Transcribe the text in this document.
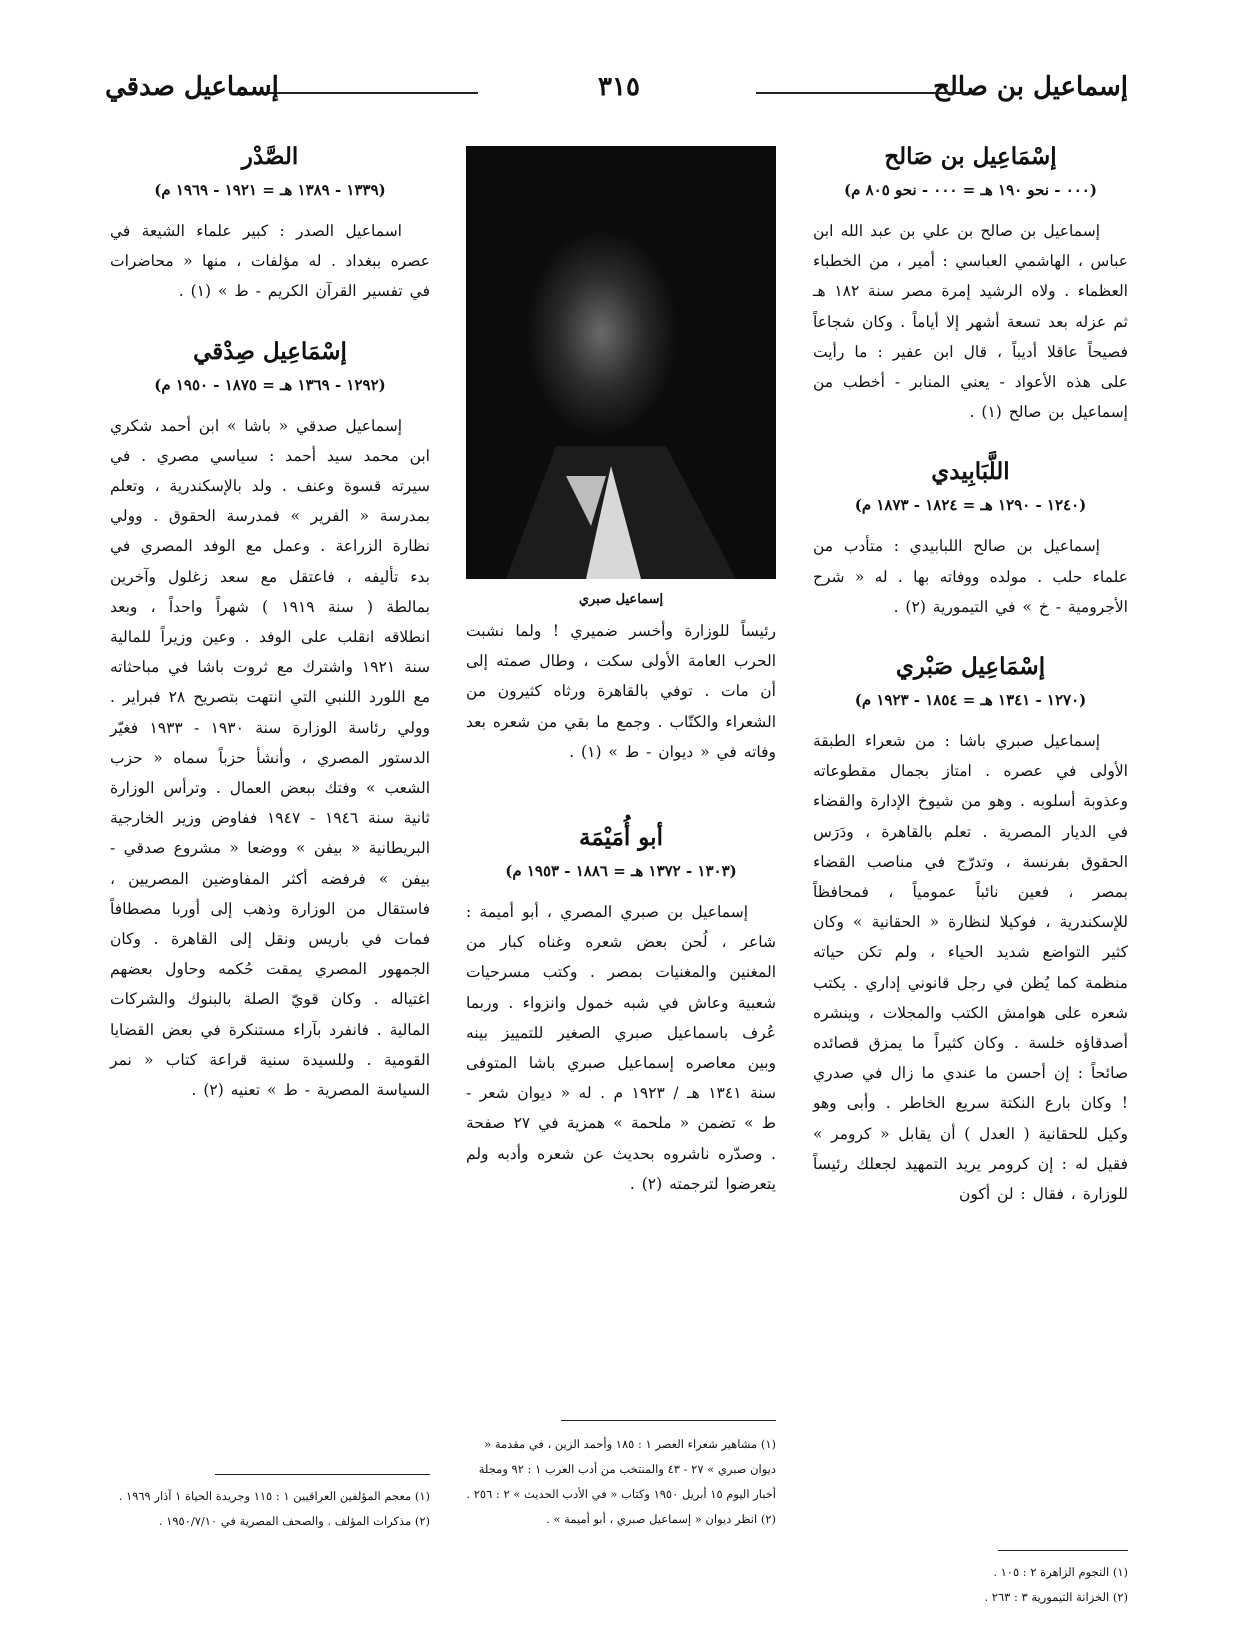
إسماعيل بن صالح
٣١٥
إسماعيل صدقي
إسْمَاعِيل بن صَالح
(٠٠٠ - نحو ١٩٠ هـ = ٠٠٠ - نحو ٨٠٥ م)

إسماعيل بن صالح بن علي بن عبد الله ابن عباس ، الهاشمي العباسي : أمير ، من الخطباء العظماء . ولاه الرشيد إمرة مصر سنة ١٨٢ هـ ثم عزله بعد تسعة أشهر إلا أياماً . وكان شجاعاً فصيحاً عاقلا أديباً ، قال ابن عفير : ما رأيت على هذه الأعواد - يعني المنابر - أخطب من إسماعيل بن صالح (١) .

اللَّبَابِيدي
(١٢٤٠ - ١٢٩٠ هـ = ١٨٢٤ - ١٨٧٣ م)

إسماعيل بن صالح اللبابيدي : متأدب من علماء حلب . مولده ووفاته بها . له « شرح الأجرومية - خ » في التيمورية (٢) .

إسْمَاعِيل صَبْري
(١٢٧٠ - ١٣٤١ هـ = ١٨٥٤ - ١٩٢٣ م)

إسماعيل صبري باشا : من شعراء الطبقة الأولى في عصره . امتاز بجمال مقطوعاته وعذوبة أسلوبه . وهو من شيوخ الإدارة والقضاء في الديار المصرية . تعلم بالقاهرة ، ودَرَس الحقوق بفرنسة ، وتدرّج في مناصب القضاء بمصر ، فعين نائباً عمومياً ، فمحافظاً للإسكندرية ، فوكيلا لنظارة « الحقانية » وكان كثير التواضع شديد الحياء ، ولم تكن حياته منظمة كما يُظن في رجل قانوني إداري . يكتب شعره على هوامش الكتب والمجلات ، وينشره أصدقاؤه خلسة . وكان كثيراً ما يمزق قصائده صائحاً : إن أحسن ما عندي ما زال في صدري ! وكان بارع النكتة سريع الخاطر . وأبى وهو وكيل للحقانية ( العدل ) أن يقابل « كرومر » فقيل له : إن كرومر يريد التمهيد لجعلك رئيساً للوزارة ، فقال : لن أكون

إسماعيل صبري

رئيساً للوزارة وأخسر ضميري ! ولما نشبت الحرب العامة الأولى سكت ، وطال صمته إلى أن مات . توفي بالقاهرة ورثاه كثيرون من الشعراء والكتّاب . وجمع ما بقي من شعره بعد وفاته في « ديوان - ط » (١) .

أبو أُمَيْمَة
(١٣٠٣ - ١٣٧٢ هـ = ١٨٨٦ - ١٩٥٣ م)

إسماعيل بن صبري المصري ، أبو أميمة : شاعر ، لُحن بعض شعره وغناه كبار من المغنين والمغنيات بمصر . وكتب مسرحيات شعبية وعاش في شبه خمول وانزواء . وربما عُرف باسماعيل صبري الصغير للتمييز بينه وبين معاصره إسماعيل صبري باشا المتوفى سنة ١٣٤١ هـ / ١٩٢٣ م . له « ديوان شعر - ط » تضمن « ملحمة » همزية في ٢٧ صفحة . وصدّره ناشروه بحديث عن شعره وأدبه ولم يتعرضوا لترجمته (٢) .

الصَّدْر
(١٣٣٩ - ١٣٨٩ هـ = ١٩٢١ - ١٩٦٩ م)

اسماعيل الصدر : كبير علماء الشيعة في عصره ببغداد . له مؤلفات ، منها « محاضرات في تفسير القرآن الكريم - ط » (١) .

إسْمَاعِيل صِدْقي
(١٢٩٢ - ١٣٦٩ هـ = ١٨٧٥ - ١٩٥٠ م)

إسماعيل صدقي « باشا » ابن أحمد شكري ابن محمد سيد أحمد : سياسي مصري . في سيرته قسوة وعنف . ولد بالإسكندرية ، وتعلم بمدرسة « الفرير » فمدرسة الحقوق . وولي نظارة الزراعة . وعمل مع الوفد المصري في بدء تأليفه ، فاعتقل مع سعد زغلول وآخرين بمالطة ( سنة ١٩١٩ ) شهراً واحداً ، وبعد انطلاقه انقلب على الوفد . وعين وزيراً للمالية سنة ١٩٢١ واشترك مع ثروت باشا في مباحثاته مع اللورد اللنبي التي انتهت بتصريح ٢٨ فبراير . وولي رئاسة الوزارة سنة ١٩٣٠ - ١٩٣٣ فغيّر الدستور المصري ، وأنشأ حزباً سماه « حزب الشعب » وفتك ببعض العمال . وترأس الوزارة ثانية سنة ١٩٤٦ - ١٩٤٧ ففاوض وزير الخارجية البريطانية « بيفن » ووضعا « مشروع صدقي - بيفن » فرفضه أكثر المفاوضين المصريين ، فاستقال من الوزارة وذهب إلى أوربا مصطافاً فمات في باريس ونقل إلى القاهرة . وكان الجمهور المصري يمقت حُكمه وحاول بعضهم اغتياله . وكان قويّ الصلة بالبنوك والشركات المالية . فانفرد بآراء مستنكرة في بعض القضايا القومية . وللسيدة سنية قراعة كتاب « نمر السياسة المصرية - ط » تعنيه (٢) .

(١) النجوم الزاهرة ٢ : ١٠٥ .

(٢) الخزانة التيمورية ٣ : ٢٦٣ .

(١) مشاهير شعراء العصر ١ : ١٨٥ وأحمد الزين ، في مقدمة « ديوان صبري » ٢٧ - ٤٣ والمنتخب من أدب العرب ١ : ٩٢ ومجلة أخبار اليوم ١٥ أبريل ١٩٥٠ وكتاب « في الأدب الحديث » ٢ : ٢٥٦ .

(٢) انظر ديوان « إسماعيل صبري ، أبو أميمة » .

(١) معجم المؤلفين العراقيين ١ : ١١٥ وجريدة الحياة ١ آذار ١٩٦٩ .

(٢) مذكرات المؤلف . والصحف المصرية في ١٩٥٠/٧/١٠ .
